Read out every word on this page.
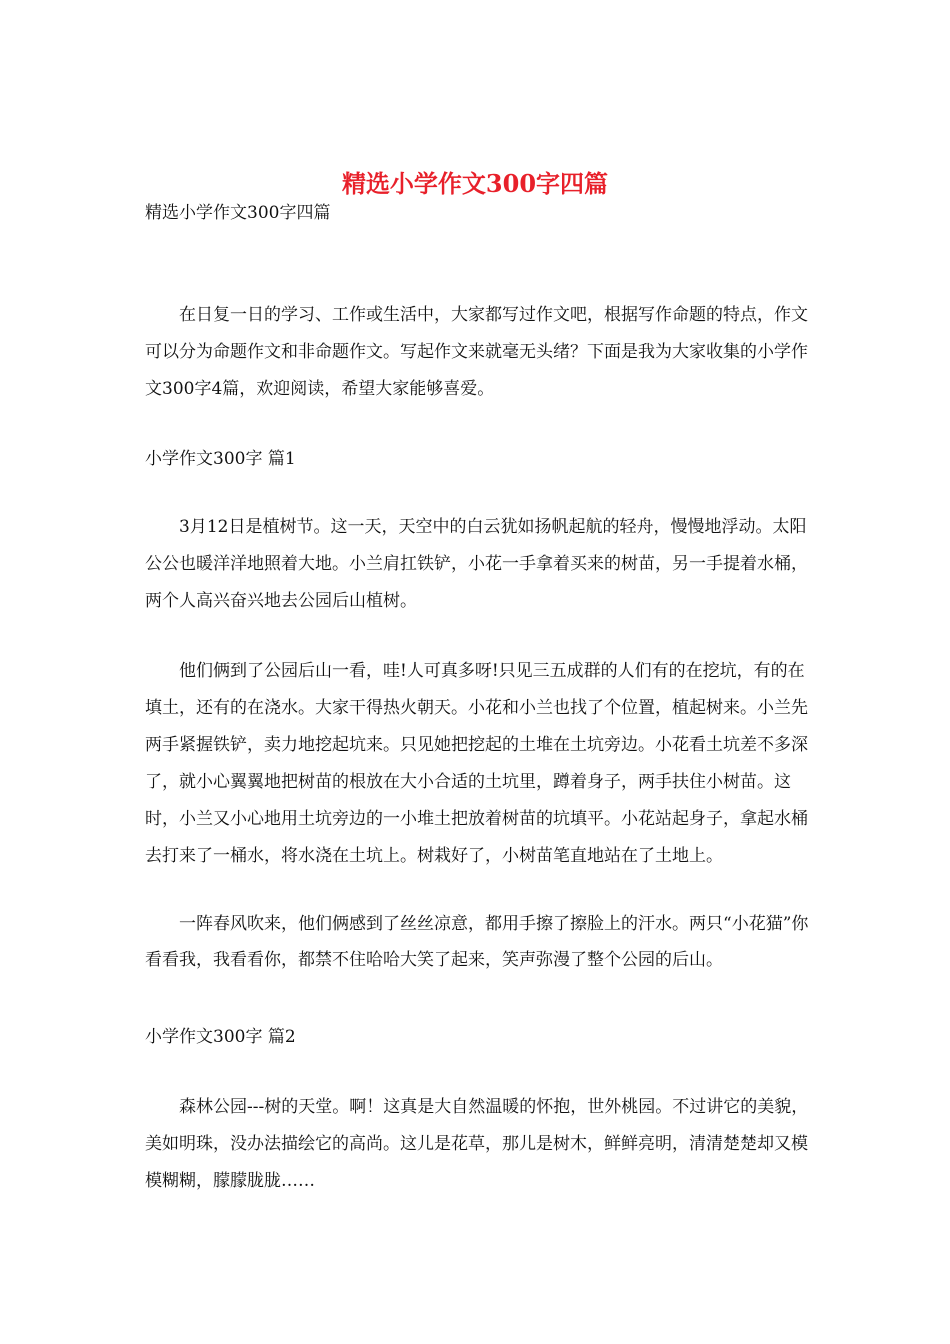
精选小学作文300字四篇

精选小学作文300字四篇

在日复一日的学习、工作或生活中，大家都写过作文吧，根据写作命题的特点，作文可以分为命题作文和非命题作文。写起作文来就毫无头绪？下面是我为大家收集的小学作文300字4篇，欢迎阅读，希望大家能够喜爱。

小学作文300字 篇1

3月12日是植树节。这一天，天空中的白云犹如扬帆起航的轻舟，慢慢地浮动。太阳公公也暖洋洋地照着大地。小兰肩扛铁铲，小花一手拿着买来的树苗，另一手提着水桶，两个人高兴奋兴地去公园后山植树。

他们俩到了公园后山一看，哇!人可真多呀!只见三五成群的人们有的在挖坑，有的在填土，还有的在浇水。大家干得热火朝天。小花和小兰也找了个位置，植起树来。小兰先两手紧握铁铲，卖力地挖起坑来。只见她把挖起的土堆在土坑旁边。小花看土坑差不多深了，就小心翼翼地把树苗的根放在大小合适的土坑里，蹲着身子，两手扶住小树苗。这时，小兰又小心地用土坑旁边的一小堆土把放着树苗的坑填平。小花站起身子，拿起水桶去打来了一桶水，将水浇在土坑上。树栽好了，小树苗笔直地站在了土地上。

一阵春风吹来，他们俩感到了丝丝凉意，都用手擦了擦脸上的汗水。两只“小花猫”你看看我，我看看你，都禁不住哈哈大笑了起来，笑声弥漫了整个公园的后山。

小学作文300字 篇2

森林公园---树的天堂。啊！这真是大自然温暖的怀抱，世外桃园。不过讲它的美貌，美如明珠，没办法描绘它的高尚。这儿是花草，那儿是树木，鲜鲜亮明，清清楚楚却又模模糊糊，朦朦胧胧……
